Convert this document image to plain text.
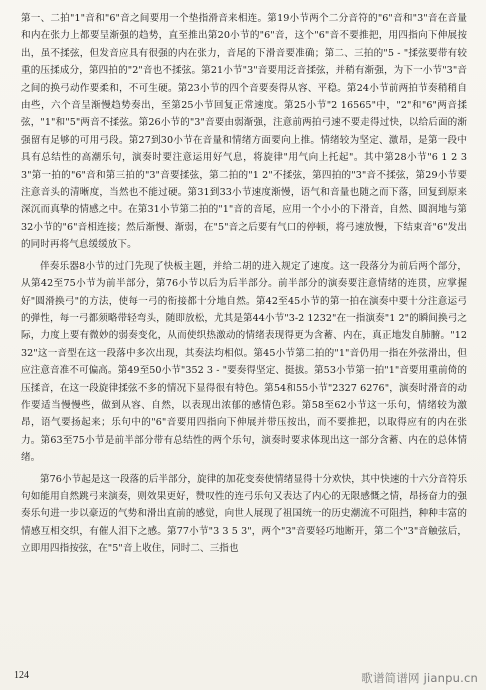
第一、二拍"1"音和"6"音之间要用一个垫指滑音来相连。第19小节两个二分音符的"6"音和"3"音在音量和内在张力上都要呈渐强的趋势，直至推出第20小节的"6"音，这个"6"音不要推把，用四指向下伸展按出，虽不揉弦，但发音应具有很强的内在张力，音尾的下滑音要准确；第二、三拍的"5 - "揉弦要带有较重的压揉成分，第四拍的"2"音也不揉弦。第21小节"3"音要用泛音揉弦，并稍有渐强，为下一小节"3"音之间的换弓动作要柔和，不可生硬。第23小节的四个音要奏得从容、平稳。第24小节前两拍节奏稍稍自由些，六个音呈渐慢趋势奏出，至第25小节回复正常速度。第25小节"2 16565"中，"2"和"6"两音揉弦，"1"和"5"两音不揉弦。第26小节的"3"音要由弱渐强，注意前两拍弓速不要走得过快，以给后面的渐强留有足够的可用弓段。第27到30小节在音量和情绪方面要向上推。情绪较为坚定、激昂，是第一段中具有总结性的高潮乐句，演奏时要注意运用好气息，将旋律"用气向上托起"。其中第28小节"6 1 2 3 3"第一拍的"6"音和第三拍的"3"音要揉弦，第二拍的"1 2"不揉弦，第四拍的"3"音不揉弦，第29小节要注意音头的清晰度，当然也不能过硬。第31到33小节速度渐慢，语气和音量也随之而下落，回复到原来深沉而真挚的情感之中。在第31小节第二拍的"1"音的音尾，应用一个小小的下滑音，自然、圆润地与第32小节的"6"音相连接；然后渐慢、渐弱，在"5"音之后要有气口的停顿，将弓速放慢，下结束音"6"发出的同时再将气息缓缓放下。

伴奏乐器8小节的过门先现了快板主题，并给二胡的进入规定了速度。这一段落分为前后两个部分，从第42至75小节为前半部分，第76小节以后为后半部分。前半部分的演奏要注意情绪的连贯，应掌握好"圆滑换弓"的方法，使每一弓的衔接都十分地自然。第42至45小节的第一拍在演奏中要十分注意运弓的弹性，每一弓都须略带轻弯头，随即放松，尤其是第44小节"3-2 1232"在一指演奏"1 2"的瞬间换弓之际，力度上要有微妙的弱奏变化，从而使织热激动的情绪表现得更为含蓄、内在，真正地发自肺腑。"1232"这一音型在这一段落中多次出现，其奏法均相似。第45小节第二拍的"1"音仍用一指在外弦滑出，但应注意音准不可偏高。第49至50小节"352 3 - "要奏得坚定、挺拔。第53小节第一拍"1"音要用重前倚的压揉音，在这一段旋律揉弦不多的情况下显得很有特色。第54和55小节"2327 6276"，演奏时滑音的动作要适当慢慢些，做到从容、自然，以表现出浓郁的感情色彩。第58至62小节这一乐句，情绪较为激昂，语气要扬起来；乐句中的"6"音要用四指向下伸展并带压按出，而不要推把，以取得应有的内在张力。第63至75小节是前半部分带有总结性的两个乐句，演奏时要求体现出这一部分含蓄、内在的总体情绪。

第76小节起是这一段落的后半部分，旋律的加花变奏使情绪显得十分欢快，其中快速的十六分音符乐句如能用自然跳弓来演奏，则效果更好，赞叹性的连弓乐句又表达了内心的无限感慨之情，昂扬奋力的强奏乐句进一步以豪迈的气势和滑出直前的感觉，向世人展现了祖国统一的历史潮流不可阻挡，种种丰富的情感互相交织，有催人泪下之感。第77小节"3 3 5 3"，两个"3"音要轻巧地断开，第二个"3"音触弦后，立即用四指按弦，在"5"音上收住，同时二、三指也

124	歌谱简谱网 jianpu.cn
